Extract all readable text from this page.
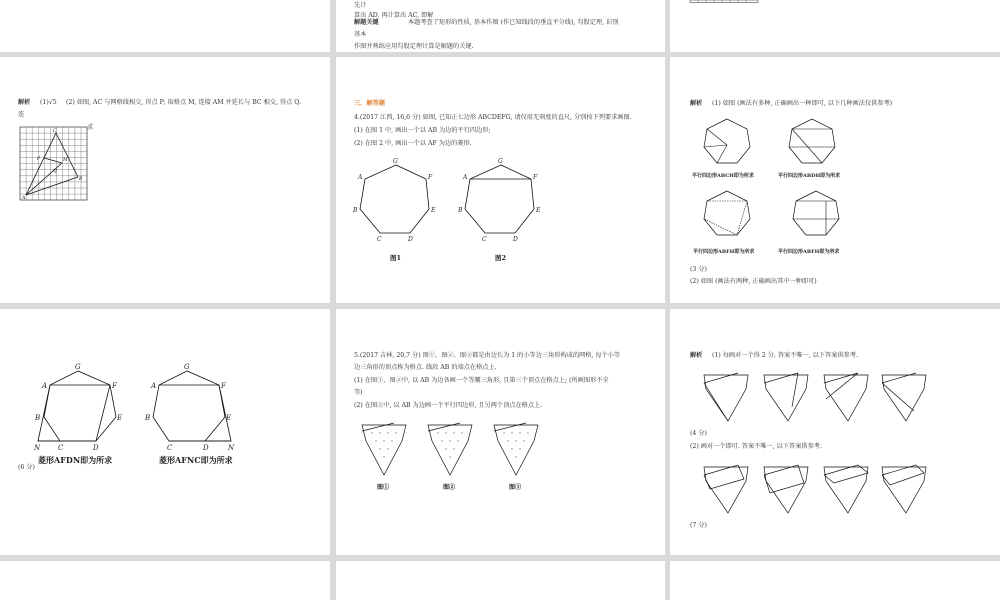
先计
算出 AD, 再计算出 AC, 即解
解题关键	本题考查了矩形的性质, 基本作图 (作已知线段的垂直平分线), 勾股定理, 识别
基本
作图并熟练应用勾股定理计算是解题的关键.
解析 (1)√5 (2) 如图, AC 与网格线相交, 得点 P; 取格点 M, 连接 AM 并延长与 BC 相交, 得点 Q.
连
求
C
M
P
Q
A
B
三、解答题
4.(2017 江西, 16,6 分) 如图, 已知正七边形 ABCDEFG, 请仅用无刻度的直尺, 分别按下列要求画图.
(1) 在图 1 中, 画出一个以 AB 为边的平行四边形;
(2) 在图 2 中, 画出一个以 AF 为边的菱形.
G
A	F
B	E
C	D
图1
G
A	F
B	E
C	D
图2
解析 (1) 如图 (画法有多种, 正确画出一种即可, 以下几种画法仅供参考)
平行四边形ABCH即为所求	平行四边形ABDH即为所求
平行四边形ABFH即为所求	平行四边形ABFH即为所求
(3 分)
(2) 如图 (画法有两种, 正确画出其中一种即可)
G
A	F
B	E
N	C	D
菱形AFDN即为所求
G
A	F
B	E
C	D	N
菱形AFNC即为所求
(6 分)
5.(2017 吉林, 20,7 分) 图①、图②、图③都是由边长为 1 的小等边三角形构成的网格, 每个小等
边三角形的顶点称为格点. 线段 AB 的端点在格点上.
(1) 在图①、图②中, 以 AB 为边各画一个等腰三角形, 且第三个顶点在格点上; (所画图形不全
等)
(2) 在图③中, 以 AB 为边画一个平行四边形, 且另两个顶点在格点上.
图①	图②	图③
解析 (1) 每画对一个得 2 分. 答案不唯一, 以下答案供参考.
(4 分)
(2) 画对一个即可. 答案不唯一, 以下答案供参考.
(7 分)
